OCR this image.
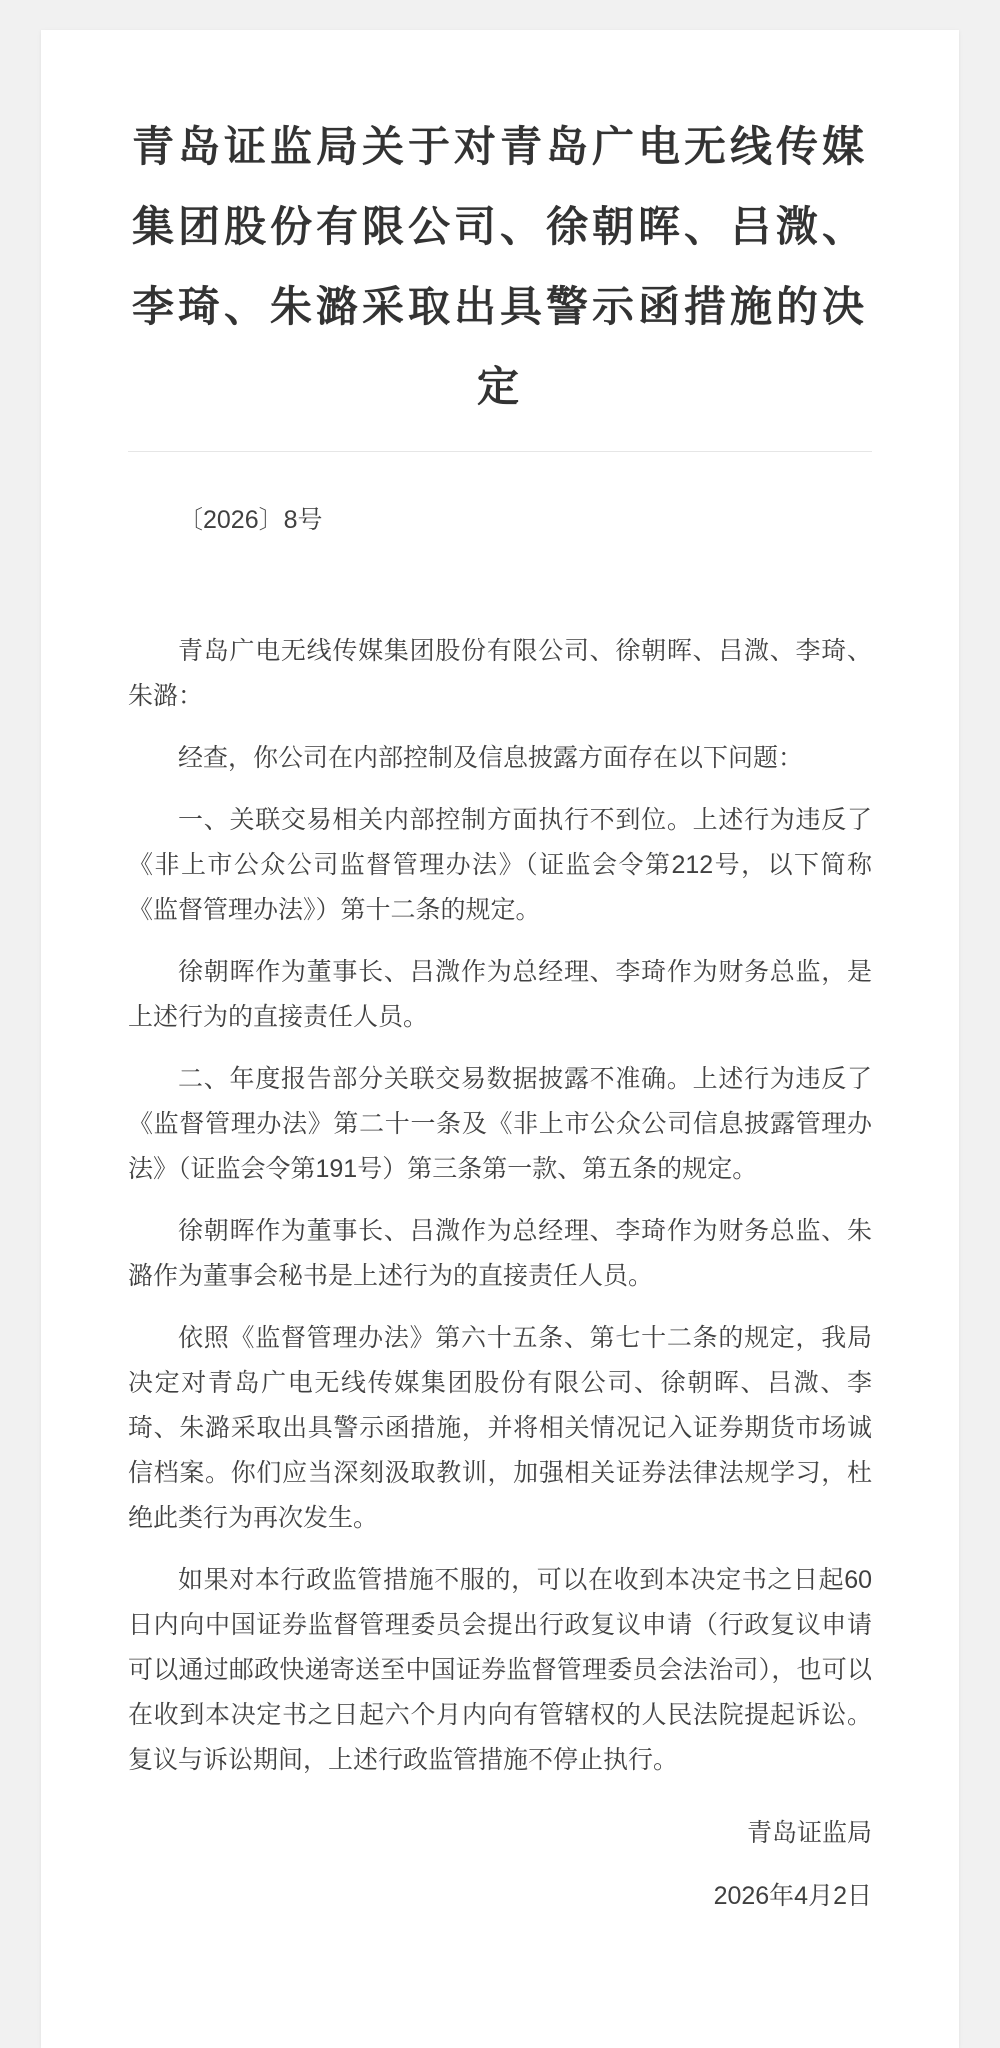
青岛证监局关于对青岛广电无线传媒集团股份有限公司、徐朝晖、吕溦、李琦、朱潞采取出具警示函措施的决定
〔2026〕8号

青岛广电无线传媒集团股份有限公司、徐朝晖、吕溦、李琦、朱潞：

经查，你公司在内部控制及信息披露方面存在以下问题：

一、关联交易相关内部控制方面执行不到位。上述行为违反了《非上市公众公司监督管理办法》（证监会令第212号，以下简称《监督管理办法》）第十二条的规定。

徐朝晖作为董事长、吕溦作为总经理、李琦作为财务总监，是上述行为的直接责任人员。

二、年度报告部分关联交易数据披露不准确。上述行为违反了《监督管理办法》第二十一条及《非上市公众公司信息披露管理办法》（证监会令第191号）第三条第一款、第五条的规定。

徐朝晖作为董事长、吕溦作为总经理、李琦作为财务总监、朱潞作为董事会秘书是上述行为的直接责任人员。

依照《监督管理办法》第六十五条、第七十二条的规定，我局决定对青岛广电无线传媒集团股份有限公司、徐朝晖、吕溦、李琦、朱潞采取出具警示函措施，并将相关情况记入证券期货市场诚信档案。你们应当深刻汲取教训，加强相关证券法律法规学习，杜绝此类行为再次发生。

如果对本行政监管措施不服的，可以在收到本决定书之日起60日内向中国证券监督管理委员会提出行政复议申请（行政复议申请可以通过邮政快递寄送至中国证券监督管理委员会法治司），也可以在收到本决定书之日起六个月内向有管辖权的人民法院提起诉讼。复议与诉讼期间，上述行政监管措施不停止执行。

青岛证监局

2026年4月2日
